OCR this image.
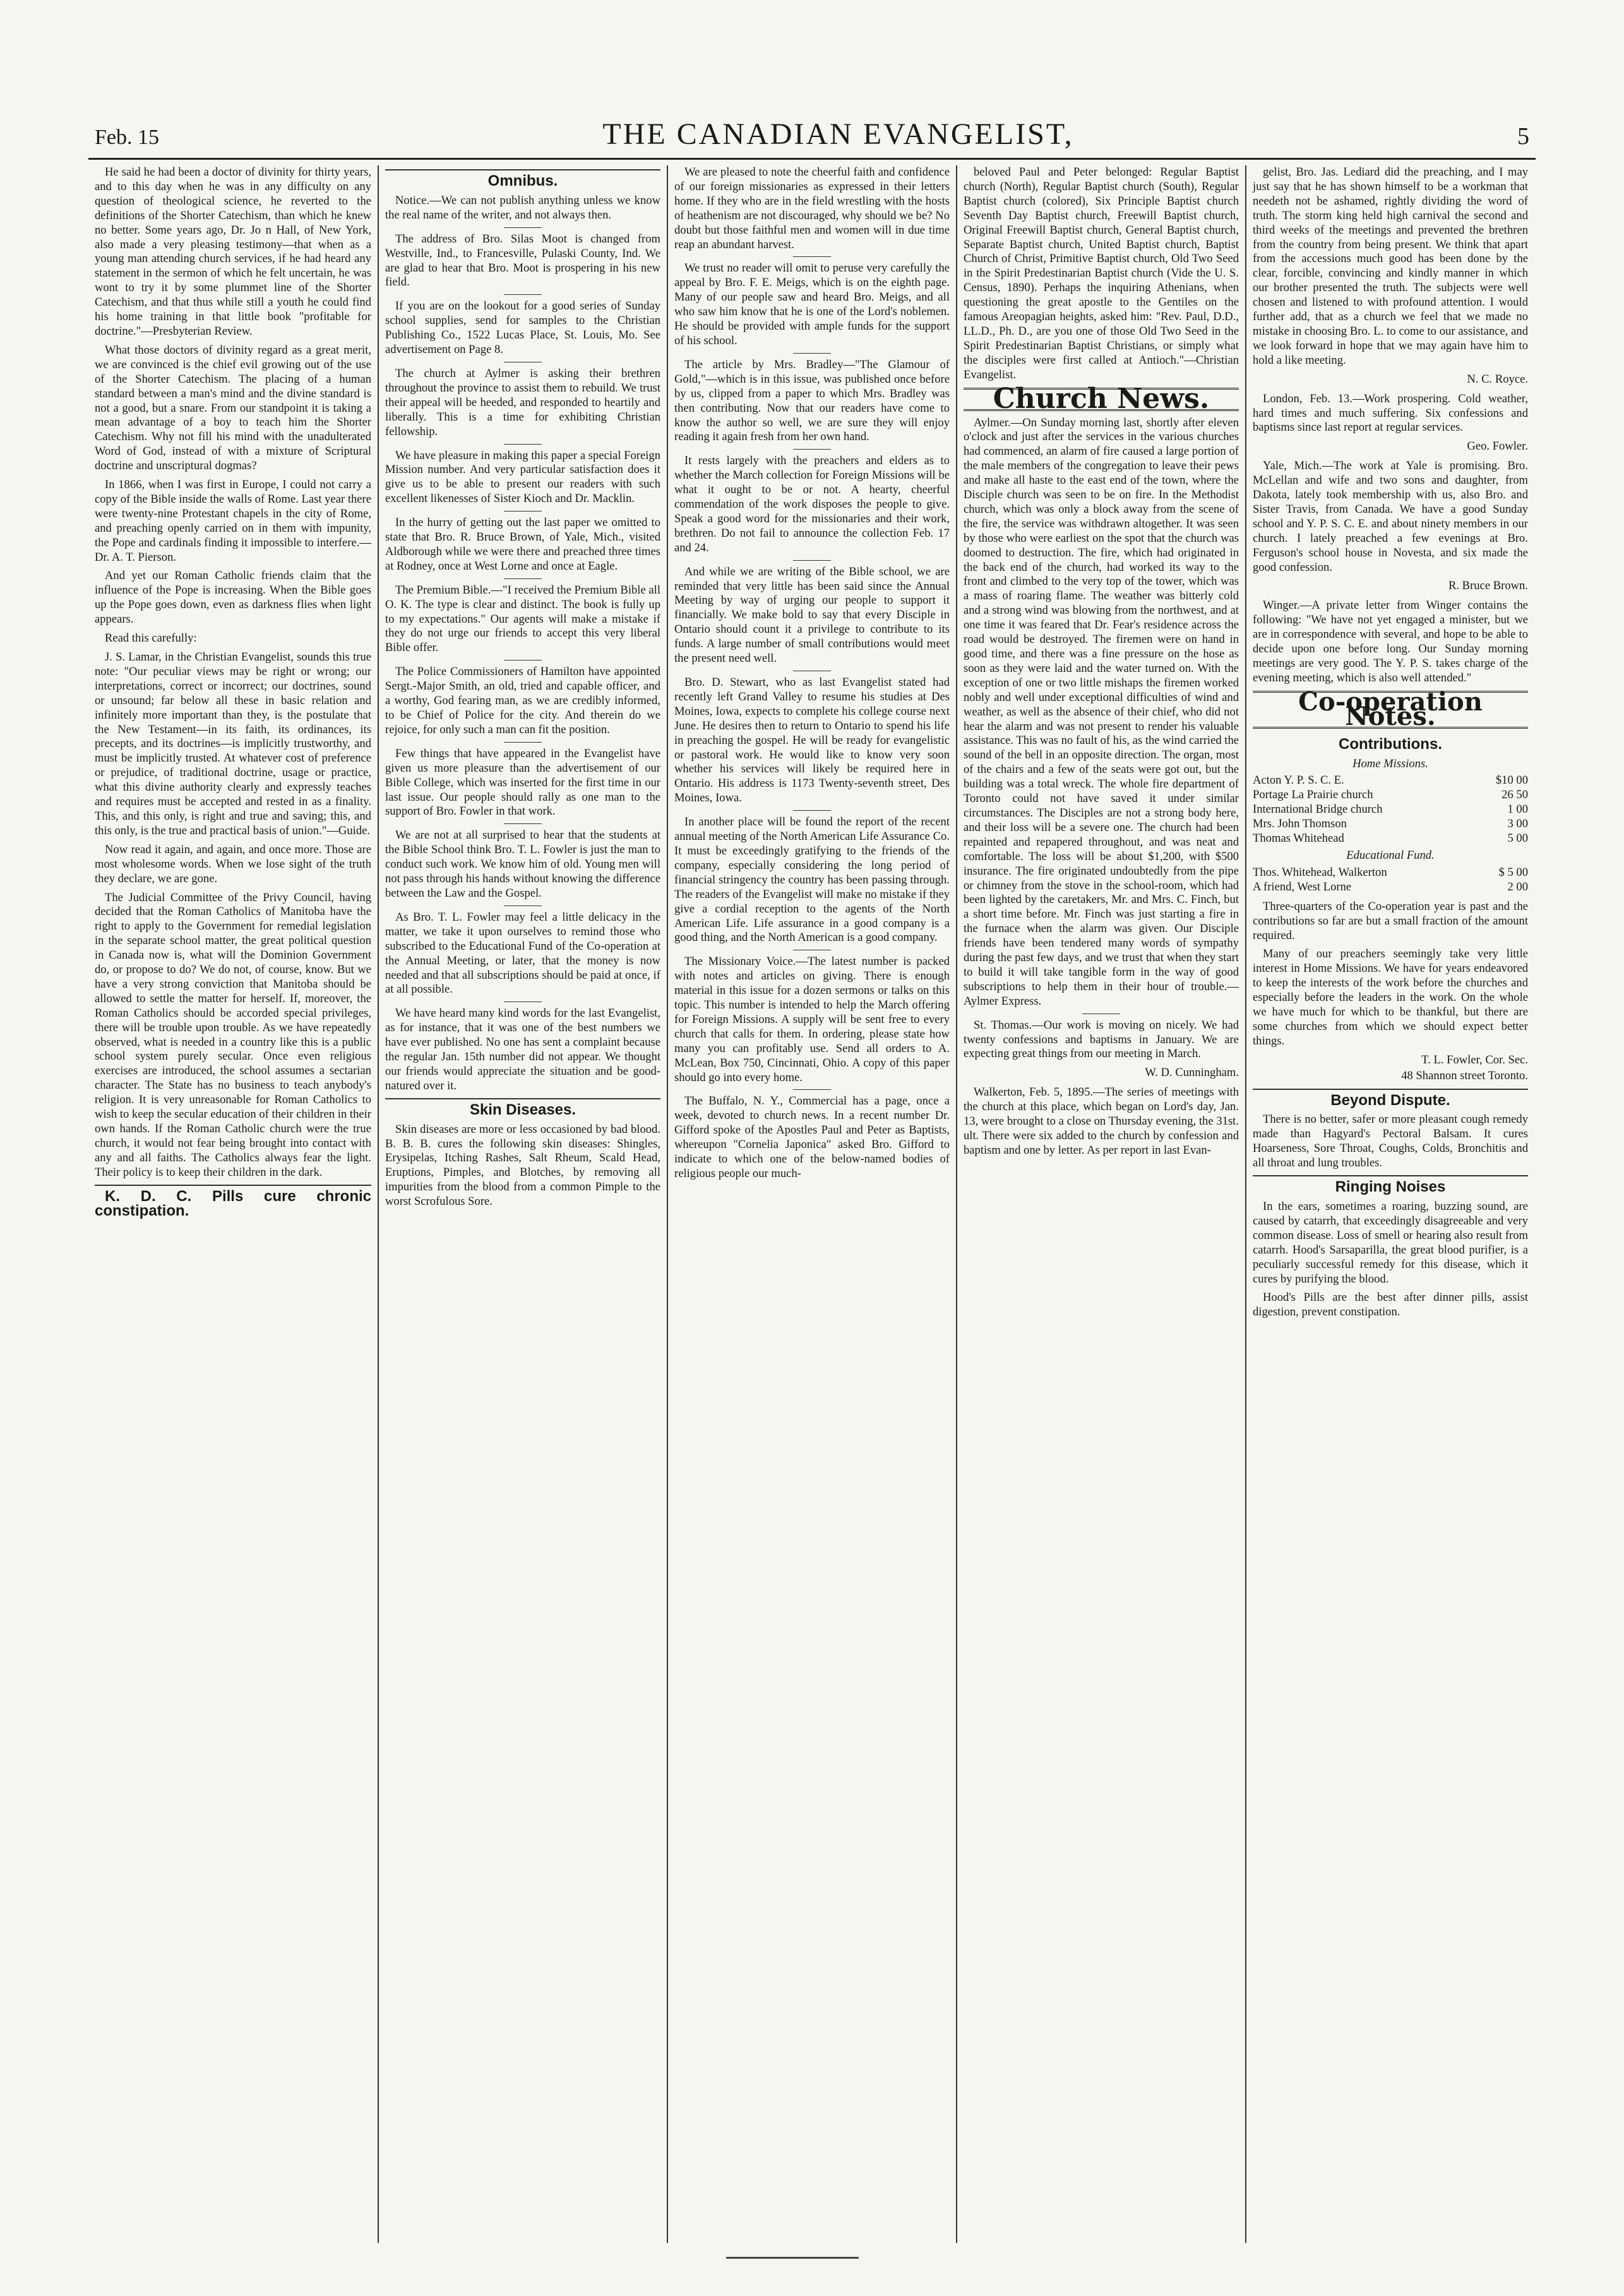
Feb. 15	THE CANADIAN EVANGELIST,	5

He said he had been a doctor of divinity for thirty years, and to this day when he was in any difficulty on any question of theological science, he reverted to the definitions of the Shorter Catechism, than which he knew no better. Some years ago, Dr. Jo n Hall, of New York, also made a very pleasing testimony—that when as a young man attending church services, if he had heard any statement in the sermon of which he felt uncertain, he was wont to try it by some plummet line of the Shorter Catechism, and that thus while still a youth he could find his home training in that little book "profitable for doctrine."—Presbyterian Review.

What those doctors of divinity regard as a great merit, we are convinced is the chief evil growing out of the use of the Shorter Catechism. The placing of a human standard between a man's mind and the divine standard is not a good, but a snare. From our standpoint it is taking a mean advantage of a boy to teach him the Shorter Catechism. Why not fill his mind with the unadulterated Word of God, instead of with a mixture of Scriptural doctrine and unscriptural dogmas?

In 1866, when I was first in Europe, I could not carry a copy of the Bible inside the walls of Rome. Last year there were twenty-nine Protestant chapels in the city of Rome, and preaching openly carried on in them with impunity, the Pope and cardinals finding it impossible to interfere.—Dr. A. T. Pierson.

And yet our Roman Catholic friends claim that the influence of the Pope is increasing. When the Bible goes up the Pope goes down, even as darkness flies when light appears.

Read this carefully:

J. S. Lamar, in the Christian Evangelist, sounds this true note: "Our peculiar views may be right or wrong; our interpretations, correct or incorrect; our doctrines, sound or unsound; far below all these in basic relation and infinitely more important than they, is the postulate that the New Testament—in its faith, its ordinances, its precepts, and its doctrines—is implicitly trustworthy, and must be implicitly trusted. At whatever cost of preference or prejudice, of traditional doctrine, usage or practice, what this divine authority clearly and expressly teaches and requires must be accepted and rested in as a finality. This, and this only, is right and true and saving; this, and this only, is the true and practical basis of union."—Guide.

Now read it again, and again, and once more. Those are most wholesome words. When we lose sight of the truth they declare, we are gone.

The Judicial Committee of the Privy Council, having decided that the Roman Catholics of Manitoba have the right to apply to the Government for remedial legislation in the separate school matter, the great political question in Canada now is, what will the Dominion Government do, or propose to do? We do not, of course, know. But we have a very strong conviction that Manitoba should be allowed to settle the matter for herself. If, moreover, the Roman Catholics should be accorded special privileges, there will be trouble upon trouble. As we have repeatedly observed, what is needed in a country like this is a public school system purely secular. Once even religious exercises are introduced, the school assumes a sectarian character. The State has no business to teach anybody's religion. It is very unreasonable for Roman Catholics to wish to keep the secular education of their children in their own hands. If the Roman Catholic church were the true church, it would not fear being brought into contact with any and all faiths. The Catholics always fear the light. Their policy is to keep their children in the dark.

K. D. C. Pills cure chronic constipation.

Omnibus.

Notice.—We can not publish anything unless we know the real name of the writer, and not always then.

The address of Bro. Silas Moot is changed from Westville, Ind., to Francesville, Pulaski County, Ind. We are glad to hear that Bro. Moot is prospering in his new field.

If you are on the lookout for a good series of Sunday school supplies, send for samples to the Christian Publishing Co., 1522 Lucas Place, St. Louis, Mo. See advertisement on Page 8.

The church at Aylmer is asking their brethren throughout the province to assist them to rebuild. We trust their appeal will be heeded, and responded to heartily and liberally. This is a time for exhibiting Christian fellowship.

We have pleasure in making this paper a special Foreign Mission number. And very particular satisfaction does it give us to be able to present our readers with such excellent likenesses of Sister Kioch and Dr. Macklin.

In the hurry of getting out the last paper we omitted to state that Bro. R. Bruce Brown, of Yale, Mich., visited Aldborough while we were there and preached three times at Rodney, once at West Lorne and once at Eagle.

The Premium Bible.—"I received the Premium Bible all O. K. The type is clear and distinct. The book is fully up to my expectations." Our agents will make a mistake if they do not urge our friends to accept this very liberal Bible offer.

The Police Commissioners of Hamilton have appointed Sergt.-Major Smith, an old, tried and capable officer, and a worthy, God fearing man, as we are credibly informed, to be Chief of Police for the city. And therein do we rejoice, for only such a man can fit the position.

Few things that have appeared in the Evangelist have given us more pleasure than the advertisement of our Bible College, which was inserted for the first time in our last issue. Our people should rally as one man to the support of Bro. Fowler in that work.

We are not at all surprised to hear that the students at the Bible School think Bro. T. L. Fowler is just the man to conduct such work. We know him of old. Young men will not pass through his hands without knowing the difference between the Law and the Gospel.

As Bro. T. L. Fowler may feel a little delicacy in the matter, we take it upon ourselves to remind those who subscribed to the Educational Fund of the Co-operation at the Annual Meeting, or later, that the money is now needed and that all subscriptions should be paid at once, if at all possible.

We have heard many kind words for the last Evangelist, as for instance, that it was one of the best numbers we have ever published. No one has sent a complaint because the regular Jan. 15th number did not appear. We thought our friends would appreciate the situation and be good-natured over it.

Skin Diseases.

Skin diseases are more or less occasioned by bad blood. B. B. B. cures the following skin diseases: Shingles, Erysipelas, Itching Rashes, Salt Rheum, Scald Head, Eruptions, Pimples, and Blotches, by removing all impurities from the blood from a common Pimple to the worst Scrofulous Sore.

We are pleased to note the cheerful faith and confidence of our foreign missionaries as expressed in their letters home. If they who are in the field wrestling with the hosts of heathenism are not discouraged, why should we be? No doubt but those faithful men and women will in due time reap an abundant harvest.

We trust no reader will omit to peruse very carefully the appeal by Bro. F. E. Meigs, which is on the eighth page. Many of our people saw and heard Bro. Meigs, and all who saw him know that he is one of the Lord's noblemen. He should be provided with ample funds for the support of his school.

The article by Mrs. Bradley—"The Glamour of Gold,"—which is in this issue, was published once before by us, clipped from a paper to which Mrs. Bradley was then contributing. Now that our readers have come to know the author so well, we are sure they will enjoy reading it again fresh from her own hand.

It rests largely with the preachers and elders as to whether the March collection for Foreign Missions will be what it ought to be or not. A hearty, cheerful commendation of the work disposes the people to give. Speak a good word for the missionaries and their work, brethren. Do not fail to announce the collection Feb. 17 and 24.

And while we are writing of the Bible school, we are reminded that very little has been said since the Annual Meeting by way of urging our people to support it financially. We make bold to say that every Disciple in Ontario should count it a privilege to contribute to its funds. A large number of small contributions would meet the present need well.

Bro. D. Stewart, who as last Evangelist stated had recently left Grand Valley to resume his studies at Des Moines, Iowa, expects to complete his college course next June. He desires then to return to Ontario to spend his life in preaching the gospel. He will be ready for evangelistic or pastoral work. He would like to know very soon whether his services will likely be required here in Ontario. His address is 1173 Twenty-seventh street, Des Moines, Iowa.

In another place will be found the report of the recent annual meeting of the North American Life Assurance Co. It must be exceedingly gratifying to the friends of the company, especially considering the long period of financial stringency the country has been passing through. The readers of the Evangelist will make no mistake if they give a cordial reception to the agents of the North American Life. Life assurance in a good company is a good thing, and the North American is a good company.

The Missionary Voice.—The latest number is packed with notes and articles on giving. There is enough material in this issue for a dozen sermons or talks on this topic. This number is intended to help the March offering for Foreign Missions. A supply will be sent free to every church that calls for them. In ordering, please state how many you can profitably use. Send all orders to A. McLean, Box 750, Cincinnati, Ohio. A copy of this paper should go into every home.

The Buffalo, N. Y., Commercial has a page, once a week, devoted to church news. In a recent number Dr. Gifford spoke of the Apostles Paul and Peter as Baptists, whereupon "Cornelia Japonica" asked Bro. Gifford to indicate to which one of the below-named bodies of religious people our much-

beloved Paul and Peter belonged: Regular Baptist church (North), Regular Baptist church (South), Regular Baptist church (colored), Six Principle Baptist church Seventh Day Baptist church, Freewill Baptist church, Original Freewill Baptist church, General Baptist church, Separate Baptist church, United Baptist church, Baptist Church of Christ, Primitive Baptist church, Old Two Seed in the Spirit Predestinarian Baptist church (Vide the U. S. Census, 1890). Perhaps the inquiring Athenians, when questioning the great apostle to the Gentiles on the famous Areopagian heights, asked him: "Rev. Paul, D.D., LL.D., Ph. D., are you one of those Old Two Seed in the Spirit Predestinarian Baptist Christians, or simply what the disciples were first called at Antioch."—Christian Evangelist.

Church News.

Aylmer.—On Sunday morning last, shortly after eleven o'clock and just after the services in the various churches had commenced, an alarm of fire caused a large portion of the male members of the congregation to leave their pews and make all haste to the east end of the town, where the Disciple church was seen to be on fire. In the Methodist church, which was only a block away from the scene of the fire, the service was withdrawn altogether. It was seen by those who were earliest on the spot that the church was doomed to destruction. The fire, which had originated in the back end of the church, had worked its way to the front and climbed to the very top of the tower, which was a mass of roaring flame. The weather was bitterly cold and a strong wind was blowing from the northwest, and at one time it was feared that Dr. Fear's residence across the road would be destroyed. The firemen were on hand in good time, and there was a fine pressure on the hose as soon as they were laid and the water turned on. With the exception of one or two little mishaps the firemen worked nobly and well under exceptional difficulties of wind and weather, as well as the absence of their chief, who did not hear the alarm and was not present to render his valuable assistance. This was no fault of his, as the wind carried the sound of the bell in an opposite direction. The organ, most of the chairs and a few of the seats were got out, but the building was a total wreck. The whole fire department of Toronto could not have saved it under similar circumstances. The Disciples are not a strong body here, and their loss will be a severe one. The church had been repainted and repapered throughout, and was neat and comfortable. The loss will be about $1,200, with $500 insurance. The fire originated undoubtedly from the pipe or chimney from the stove in the school-room, which had been lighted by the caretakers, Mr. and Mrs. C. Finch, but a short time before. Mr. Finch was just starting a fire in the furnace when the alarm was given. Our Disciple friends have been tendered many words of sympathy during the past few days, and we trust that when they start to build it will take tangible form in the way of good subscriptions to help them in their hour of trouble.—Aylmer Express.

St. Thomas.—Our work is moving on nicely. We had twenty confessions and baptisms in January. We are expecting great things from our meeting in March.

W. D. Cunningham.

Walkerton, Feb. 5, 1895.—The series of meetings with the church at this place, which began on Lord's day, Jan. 13, were brought to a close on Thursday evening, the 31st. ult. There were six added to the church by confession and baptism and one by letter. As per report in last Evan-

gelist, Bro. Jas. Lediard did the preaching, and I may just say that he has shown himself to be a workman that needeth not be ashamed, rightly dividing the word of truth. The storm king held high carnival the second and third weeks of the meetings and prevented the brethren from the country from being present. We think that apart from the accessions much good has been done by the clear, forcible, convincing and kindly manner in which our brother presented the truth. The subjects were well chosen and listened to with profound attention. I would further add, that as a church we feel that we made no mistake in choosing Bro. L. to come to our assistance, and we look forward in hope that we may again have him to hold a like meeting.

N. C. Royce.

London, Feb. 13.—Work prospering. Cold weather, hard times and much suffering. Six confessions and baptisms since last report at regular services.

Geo. Fowler.

Yale, Mich.—The work at Yale is promising. Bro. McLellan and wife and two sons and daughter, from Dakota, lately took membership with us, also Bro. and Sister Travis, from Canada. We have a good Sunday school and Y. P. S. C. E. and about ninety members in our church. I lately preached a few evenings at Bro. Ferguson's school house in Novesta, and six made the good confession.

R. Bruce Brown.

Winger.—A private letter from Winger contains the following: "We have not yet engaged a minister, but we are in correspondence with several, and hope to be able to decide upon one before long. Our Sunday morning meetings are very good. The Y. P. S. takes charge of the evening meeting, which is also well attended."

Co-operation Notes.
Contributions.
Home Missions.
Acton Y. P. S. C. E.	$10 00
Portage La Prairie church	26 50
International Bridge church	1 00
Mrs. John Thomson	3 00
Thomas Whitehead	5 00
Educational Fund.
Thos. Whitehead, Walkerton	$ 5 00
A friend, West Lorne	2 00

Three-quarters of the Co-operation year is past and the contributions so far are but a small fraction of the amount required.

Many of our preachers seemingly take very little interest in Home Missions. We have for years endeavored to keep the interests of the work before the churches and especially before the leaders in the work. On the whole we have much for which to be thankful, but there are some churches from which we should expect better things.

T. L. Fowler, Cor. Sec.
48 Shannon street Toronto.
Beyond Dispute.

There is no better, safer or more pleasant cough remedy made than Hagyard's Pectoral Balsam. It cures Hoarseness, Sore Throat, Coughs, Colds, Bronchitis and all throat and lung troubles.

Ringing Noises

In the ears, sometimes a roaring, buzzing sound, are caused by catarrh, that exceedingly disagreeable and very common disease. Loss of smell or hearing also result from catarrh. Hood's Sarsaparilla, the great blood purifier, is a peculiarly successful remedy for this disease, which it cures by purifying the blood.

Hood's Pills are the best after dinner pills, assist digestion, prevent constipation.
